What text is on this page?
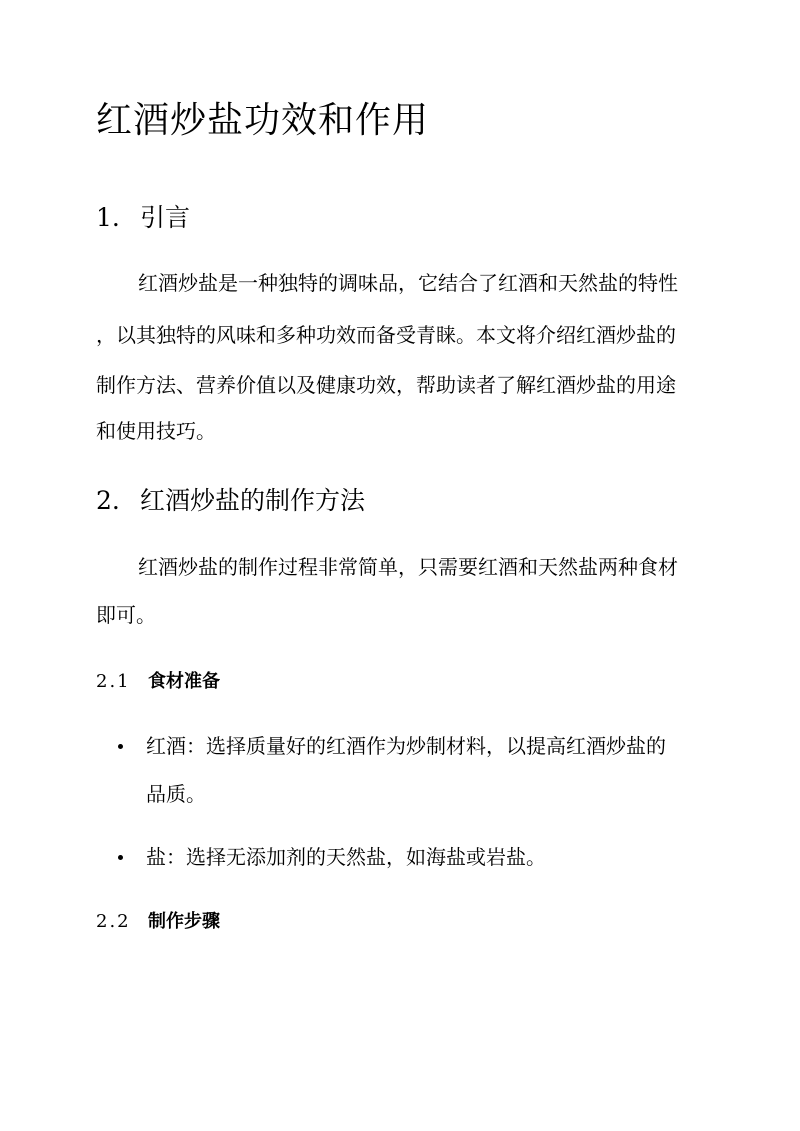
红酒炒盐功效和作用
1. 引言
红酒炒盐是一种独特的调味品，它结合了红酒和天然盐的特性
，以其独特的风味和多种功效而备受青睐。本文将介绍红酒炒盐的
制作方法、营养价值以及健康功效，帮助读者了解红酒炒盐的用途
和使用技巧。
2. 红酒炒盐的制作方法
红酒炒盐的制作过程非常简单，只需要红酒和天然盐两种食材
即可。
2.1 食材准备
红酒：选择质量好的红酒作为炒制材料，以提高红酒炒盐的
品质。
盐：选择无添加剂的天然盐，如海盐或岩盐。
2.2 制作步骤
